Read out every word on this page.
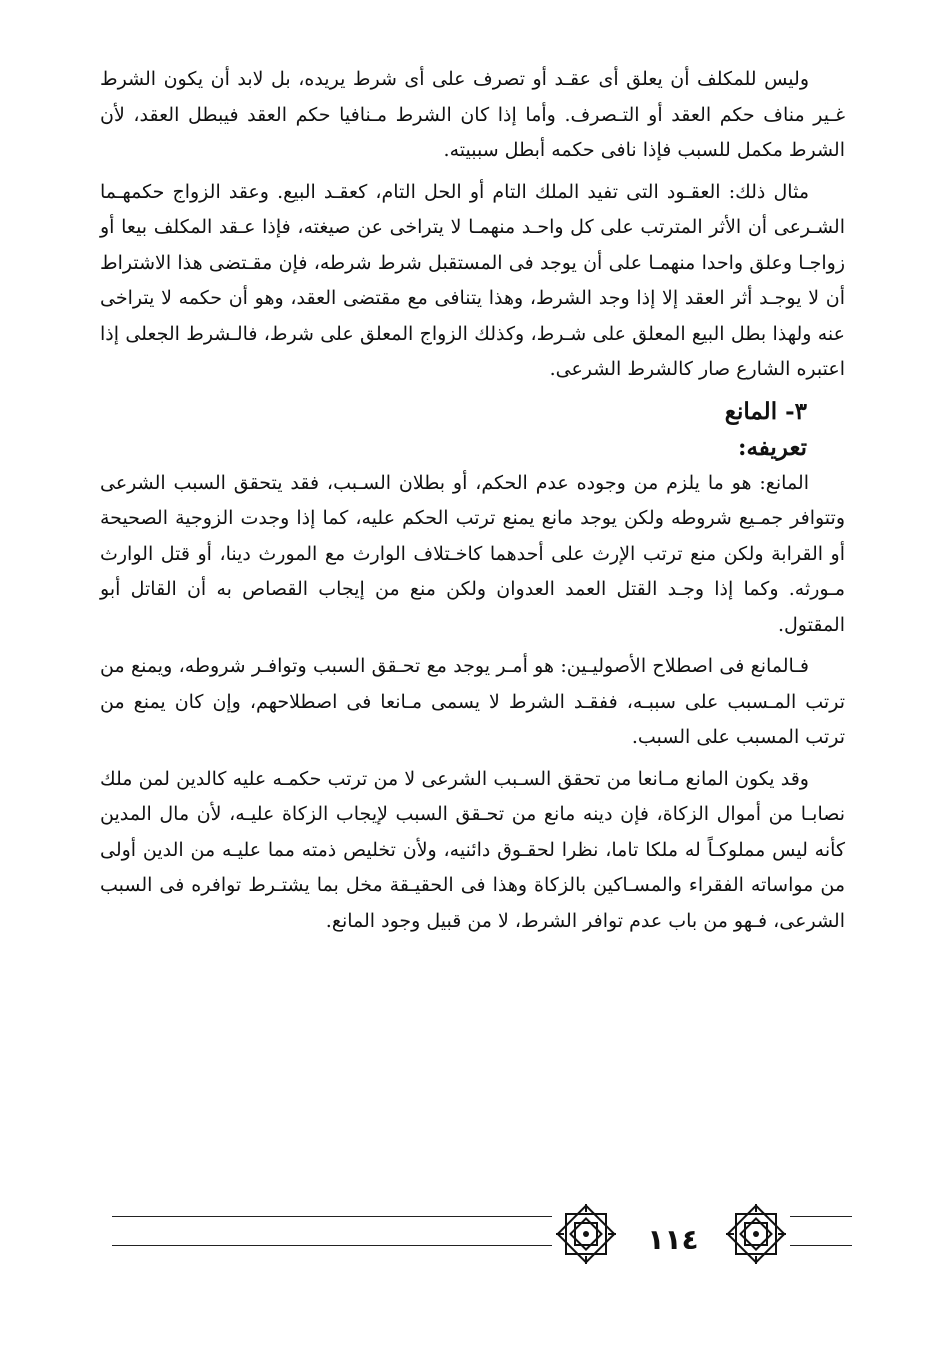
وليس للمكلف أن يعلق أى عقـد أو تصرف على أى شرط يريده، بل لابد أن يكون الشرط غـير مناف حكم العقد أو التـصرف. وأما إذا كان الشرط مـنافيا حكم العقد فيبطل العقد، لأن الشرط مكمل للسبب فإذا نافى حكمه أبطل سببيته.

مثال ذلك: العقـود التى تفيد الملك التام أو الحل التام، كعقـد البيع. وعقد الزواج حكمهـما الشـرعى أن الأثر المترتب على كل واحـد منهمـا لا يتراخى عن صيغته، فإذا عـقد المكلف بيعا أو زواجـا وعلق واحدا منهمـا على أن يوجد فى المستقبل شرط شرطه، فإن مقـتضى هذا الاشتراط أن لا يوجـد أثر العقد إلا إذا وجد الشرط، وهذا يتنافى مع مقتضى العقد، وهو أن حكمه لا يتراخى عنه ولهذا بطل البيع المعلق على شـرط، وكذلك الزواج المعلق على شرط، فالـشرط الجعلى إذا اعتبره الشارع صار كالشرط الشرعى.

٣- المانع
تعريفه:

المانع: هو ما يلزم من وجوده عدم الحكم، أو بطلان السـبب، فقد يتحقق السبب الشرعى وتتوافر جمـيع شروطه ولكن يوجد مانع يمنع ترتب الحكم عليه، كما إذا وجدت الزوجية الصحيحة أو القرابة ولكن منع ترتب الإرث على أحدهما كاخـتلاف الوارث مع المورث دينا، أو قتل الوارث مـورثه. وكما إذا وجـد القتل العمد العدوان ولكن منع من إيجاب القصاص به أن القاتل أبو المقتول.

فـالمانع فى اصطلاح الأصوليـين: هو أمـر يوجد مع تحـقق السبب وتوافـر شروطه، ويمنع من ترتب المـسبب على سببـه، ففقـد الشرط لا يسمى مـانعا فى اصطلاحهم، وإن كان يمنع من ترتب المسبب على السبب.

وقد يكون المانع مـانعا من تحقق السـبب الشرعى لا من ترتب حكمـه عليه كالدين لمن ملك نصابـا من أموال الزكاة، فإن دينه مانع من تحـقق السبب لإيجاب الزكاة عليـه، لأن مال المدين كأنه ليس مملوكـاً له ملكا تاما، نظرا لحقـوق دائنيه، ولأن تخليص ذمته مما عليـه من الدين أولى من مواساته الفقراء والمسـاكين بالزكاة وهذا فى الحقيـقة مخل بما يشتـرط توافره فى السبب الشرعى، فـهو من باب عدم توافر الشرط، لا من قبيل وجود المانع.

١١٤
